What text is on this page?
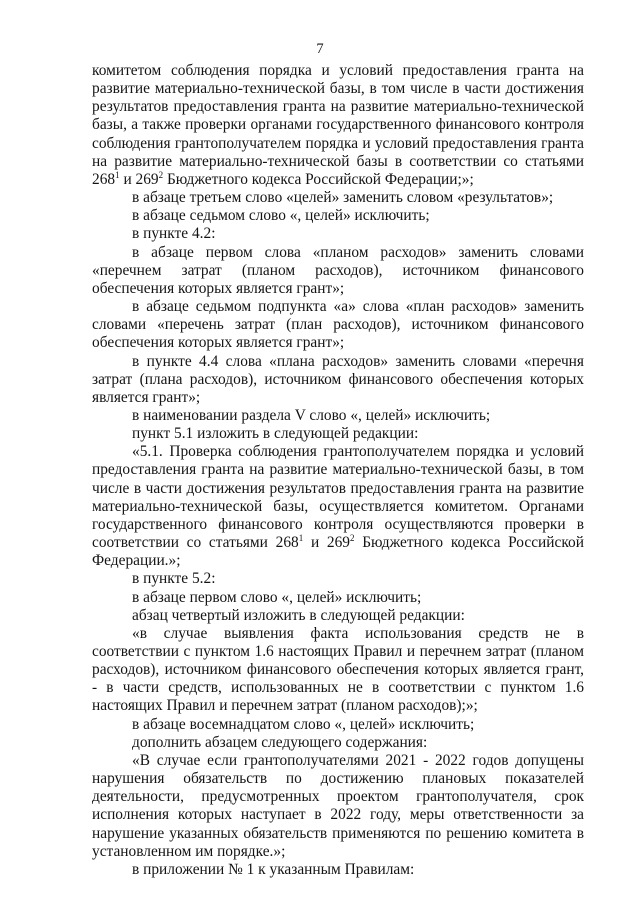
7

комитетом соблюдения порядка и условий предоставления гранта на развитие материально-технической базы, в том числе в части достижения результатов предоставления гранта на развитие материально-технической базы, а также проверки органами государственного финансового контроля соблюдения грантополучателем порядка и условий предоставления гранта на развитие материально-технической базы в соответствии со статьями $268^1$ и $269^2$ Бюджетного кодекса Российской Федерации;»;

в абзаце третьем слово «целей» заменить словом «результатов»;

в абзаце седьмом слово «, целей» исключить;

в пункте 4.2:

в абзаце первом слова «планом расходов» заменить словами «перечнем затрат (планом расходов), источником финансового обеспечения которых является грант»;

в абзаце седьмом подпункта «а» слова «план расходов» заменить словами «перечень затрат (план расходов), источником финансового обеспечения которых является грант»;

в пункте 4.4 слова «плана расходов» заменить словами «перечня затрат (плана расходов), источником финансового обеспечения которых является грант»;

в наименовании раздела V слово «, целей» исключить;

пункт 5.1 изложить в следующей редакции:

«5.1. Проверка соблюдения грантополучателем порядка и условий предоставления гранта на развитие материально-технической базы, в том числе в части достижения результатов предоставления гранта на развитие материально-технической базы, осуществляется комитетом. Органами государственного финансового контроля осуществляются проверки в соответствии со статьями $268^1$ и $269^2$ Бюджетного кодекса Российской Федерации.»;

в пункте 5.2:

в абзаце первом слово «, целей» исключить;

абзац четвертый изложить в следующей редакции:

«в случае выявления факта использования средств не в соответствии с пунктом 1.6 настоящих Правил и перечнем затрат (планом расходов), источником финансового обеспечения которых является грант, - в части средств, использованных не в соответствии с пунктом 1.6 настоящих Правил и перечнем затрат (планом расходов);»;

в абзаце восемнадцатом слово «, целей» исключить;

дополнить абзацем следующего содержания:

«В случае если грантополучателями 2021 - 2022 годов допущены нарушения обязательств по достижению плановых показателей деятельности, предусмотренных проектом грантополучателя, срок исполнения которых наступает в 2022 году, меры ответственности за нарушение указанных обязательств применяются по решению комитета в установленном им порядке.»;

в приложении № 1 к указанным Правилам:
